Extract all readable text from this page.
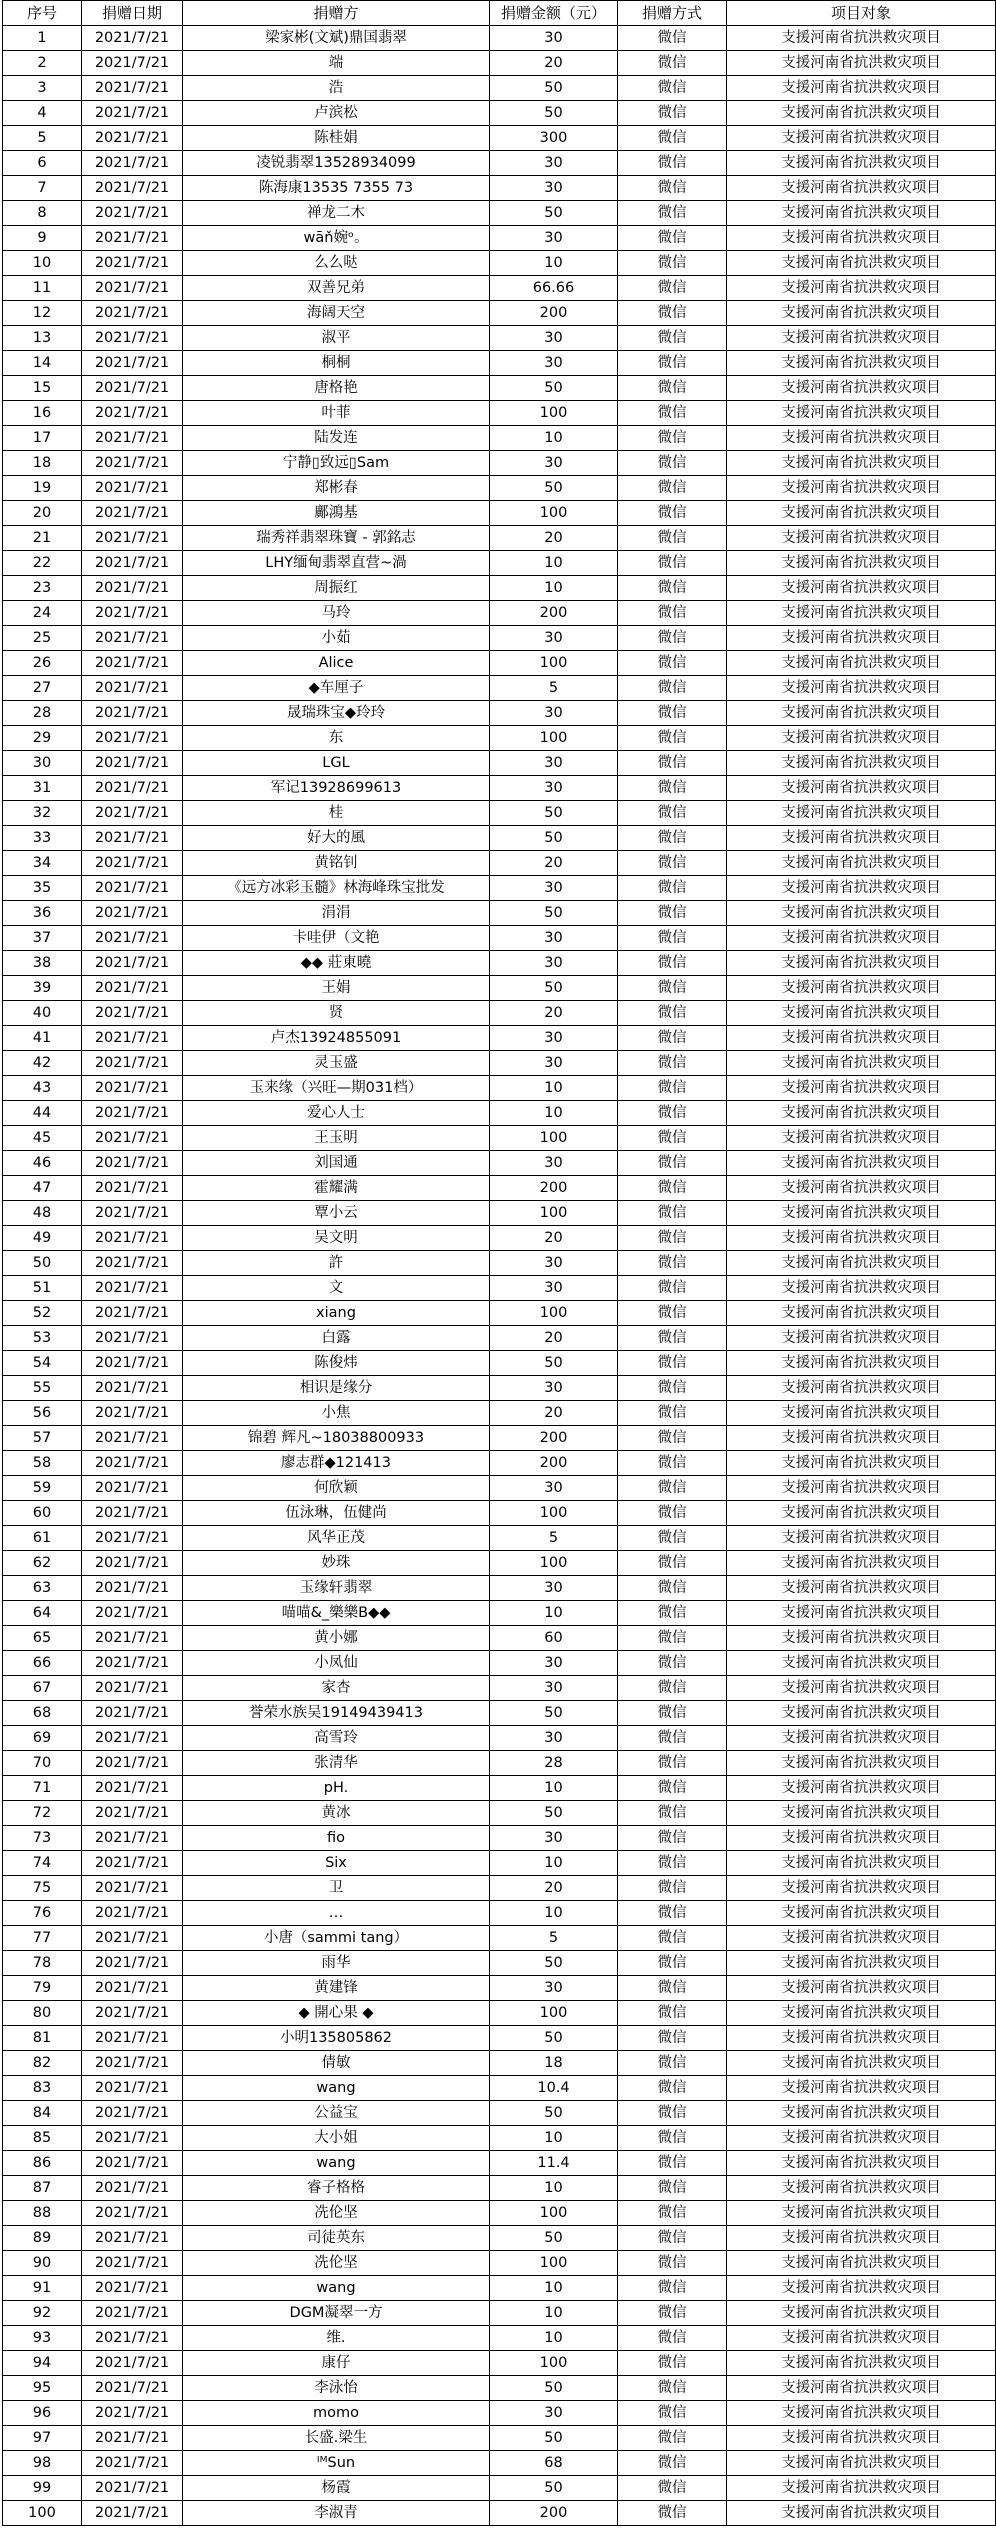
序号	捐赠日期	捐赠方	捐赠金额（元）	捐赠方式	项目对象
1	2021/7/21	梁家彬(文斌)鼎国翡翠	30	微信	支援河南省抗洪救灾项目
2	2021/7/21	端	20	微信	支援河南省抗洪救灾项目
3	2021/7/21	浩	50	微信	支援河南省抗洪救灾项目
4	2021/7/21	卢滨松	50	微信	支援河南省抗洪救灾项目
5	2021/7/21	陈桂娟	300	微信	支援河南省抗洪救灾项目
6	2021/7/21	凌锐翡翠13528934099	30	微信	支援河南省抗洪救灾项目
7	2021/7/21	陈海康13535 7355 73	30	微信	支援河南省抗洪救灾项目
8	2021/7/21	禅龙二木	50	微信	支援河南省抗洪救灾项目
9	2021/7/21	wāň婉ᵒ。	30	微信	支援河南省抗洪救灾项目
10	2021/7/21	么么哒	10	微信	支援河南省抗洪救灾项目
11	2021/7/21	双善兄弟	66.66	微信	支援河南省抗洪救灾项目
12	2021/7/21	海阔天空	200	微信	支援河南省抗洪救灾项目
13	2021/7/21	淑平	30	微信	支援河南省抗洪救灾项目
14	2021/7/21	桐桐	30	微信	支援河南省抗洪救灾项目
15	2021/7/21	唐格艳	50	微信	支援河南省抗洪救灾项目
16	2021/7/21	叶菲	100	微信	支援河南省抗洪救灾项目
17	2021/7/21	陆发连	10	微信	支援河南省抗洪救灾项目
18	2021/7/21	宁静▯致远▯Sam	30	微信	支援河南省抗洪救灾项目
19	2021/7/21	郑彬春	50	微信	支援河南省抗洪救灾项目
20	2021/7/21	鄺鴻基	100	微信	支援河南省抗洪救灾项目
21	2021/7/21	瑞秀祥翡翠珠寶 - 郭銘志	20	微信	支援河南省抗洪救灾项目
22	2021/7/21	LHY缅甸翡翠直营~渦	10	微信	支援河南省抗洪救灾项目
23	2021/7/21	周振红	10	微信	支援河南省抗洪救灾项目
24	2021/7/21	马玲	200	微信	支援河南省抗洪救灾项目
25	2021/7/21	小茹	30	微信	支援河南省抗洪救灾项目
26	2021/7/21	Alice	100	微信	支援河南省抗洪救灾项目
27	2021/7/21	◆车厘子	5	微信	支援河南省抗洪救灾项目
28	2021/7/21	晟瑞珠宝◆玲玲	30	微信	支援河南省抗洪救灾项目
29	2021/7/21	东	100	微信	支援河南省抗洪救灾项目
30	2021/7/21	LGL	30	微信	支援河南省抗洪救灾项目
31	2021/7/21	军记13928699613	30	微信	支援河南省抗洪救灾项目
32	2021/7/21	桂	50	微信	支援河南省抗洪救灾项目
33	2021/7/21	好大的風	50	微信	支援河南省抗洪救灾项目
34	2021/7/21	黄铭钊	20	微信	支援河南省抗洪救灾项目
35	2021/7/21	《远方冰彩玉髓》林海峰珠宝批发	30	微信	支援河南省抗洪救灾项目
36	2021/7/21	涓涓	50	微信	支援河南省抗洪救灾项目
37	2021/7/21	卡哇伊（文艳	30	微信	支援河南省抗洪救灾项目
38	2021/7/21	◆◆ 莊東曉	30	微信	支援河南省抗洪救灾项目
39	2021/7/21	王娟	50	微信	支援河南省抗洪救灾项目
40	2021/7/21	贤	20	微信	支援河南省抗洪救灾项目
41	2021/7/21	卢杰13924855091	30	微信	支援河南省抗洪救灾项目
42	2021/7/21	灵玉盛	30	微信	支援河南省抗洪救灾项目
43	2021/7/21	玉来缘（兴旺—期031档）	10	微信	支援河南省抗洪救灾项目
44	2021/7/21	爱心人士	10	微信	支援河南省抗洪救灾项目
45	2021/7/21	王玉明	100	微信	支援河南省抗洪救灾项目
46	2021/7/21	刘国通	30	微信	支援河南省抗洪救灾项目
47	2021/7/21	霍耀满	200	微信	支援河南省抗洪救灾项目
48	2021/7/21	覃小云	100	微信	支援河南省抗洪救灾项目
49	2021/7/21	吴文明	20	微信	支援河南省抗洪救灾项目
50	2021/7/21	許	30	微信	支援河南省抗洪救灾项目
51	2021/7/21	文	30	微信	支援河南省抗洪救灾项目
52	2021/7/21	xiang	100	微信	支援河南省抗洪救灾项目
53	2021/7/21	白露	20	微信	支援河南省抗洪救灾项目
54	2021/7/21	陈俊炜	50	微信	支援河南省抗洪救灾项目
55	2021/7/21	相识是缘分	30	微信	支援河南省抗洪救灾项目
56	2021/7/21	小焦	20	微信	支援河南省抗洪救灾项目
57	2021/7/21	锦碧 辉凡~18038800933	200	微信	支援河南省抗洪救灾项目
58	2021/7/21	廖志群◆121413	200	微信	支援河南省抗洪救灾项目
59	2021/7/21	何欣颖	30	微信	支援河南省抗洪救灾项目
60	2021/7/21	伍泳琳，伍健尚	100	微信	支援河南省抗洪救灾项目
61	2021/7/21	风华正茂	5	微信	支援河南省抗洪救灾项目
62	2021/7/21	妙珠	100	微信	支援河南省抗洪救灾项目
63	2021/7/21	玉缘轩翡翠	30	微信	支援河南省抗洪救灾项目
64	2021/7/21	喵喵&_樂樂B◆◆	10	微信	支援河南省抗洪救灾项目
65	2021/7/21	黄小娜	60	微信	支援河南省抗洪救灾项目
66	2021/7/21	小凤仙	30	微信	支援河南省抗洪救灾项目
67	2021/7/21	家杏	30	微信	支援河南省抗洪救灾项目
68	2021/7/21	誉荣水族吴19149439413	50	微信	支援河南省抗洪救灾项目
69	2021/7/21	高雪玲	30	微信	支援河南省抗洪救灾项目
70	2021/7/21	张清华	28	微信	支援河南省抗洪救灾项目
71	2021/7/21	pH.	10	微信	支援河南省抗洪救灾项目
72	2021/7/21	黄冰	50	微信	支援河南省抗洪救灾项目
73	2021/7/21	fio	30	微信	支援河南省抗洪救灾项目
74	2021/7/21	Six	10	微信	支援河南省抗洪救灾项目
75	2021/7/21	卫	20	微信	支援河南省抗洪救灾项目
76	2021/7/21	…	10	微信	支援河南省抗洪救灾项目
77	2021/7/21	小唐（sammi tang）	5	微信	支援河南省抗洪救灾项目
78	2021/7/21	雨华	50	微信	支援河南省抗洪救灾项目
79	2021/7/21	黄建锋	30	微信	支援河南省抗洪救灾项目
80	2021/7/21	◆ 開心果 ◆	100	微信	支援河南省抗洪救灾项目
81	2021/7/21	小明135805862	50	微信	支援河南省抗洪救灾项目
82	2021/7/21	倩敏	18	微信	支援河南省抗洪救灾项目
83	2021/7/21	wang	10.4	微信	支援河南省抗洪救灾项目
84	2021/7/21	公益宝	50	微信	支援河南省抗洪救灾项目
85	2021/7/21	大小姐	10	微信	支援河南省抗洪救灾项目
86	2021/7/21	wang	11.4	微信	支援河南省抗洪救灾项目
87	2021/7/21	睿子格格	10	微信	支援河南省抗洪救灾项目
88	2021/7/21	冼伦坚	100	微信	支援河南省抗洪救灾项目
89	2021/7/21	司徒英东	50	微信	支援河南省抗洪救灾项目
90	2021/7/21	冼伦坚	100	微信	支援河南省抗洪救灾项目
91	2021/7/21	wang	10	微信	支援河南省抗洪救灾项目
92	2021/7/21	DGM凝翠一方	10	微信	支援河南省抗洪救灾项目
93	2021/7/21	维.	10	微信	支援河南省抗洪救灾项目
94	2021/7/21	康仔	100	微信	支援河南省抗洪救灾项目
95	2021/7/21	李泳怡	50	微信	支援河南省抗洪救灾项目
96	2021/7/21	momo	30	微信	支援河南省抗洪救灾项目
97	2021/7/21	长盛.梁生	50	微信	支援河南省抗洪救灾项目
98	2021/7/21	ᴵᴹSun	68	微信	支援河南省抗洪救灾项目
99	2021/7/21	杨霞	50	微信	支援河南省抗洪救灾项目
100	2021/7/21	李淑青	200	微信	支援河南省抗洪救灾项目
